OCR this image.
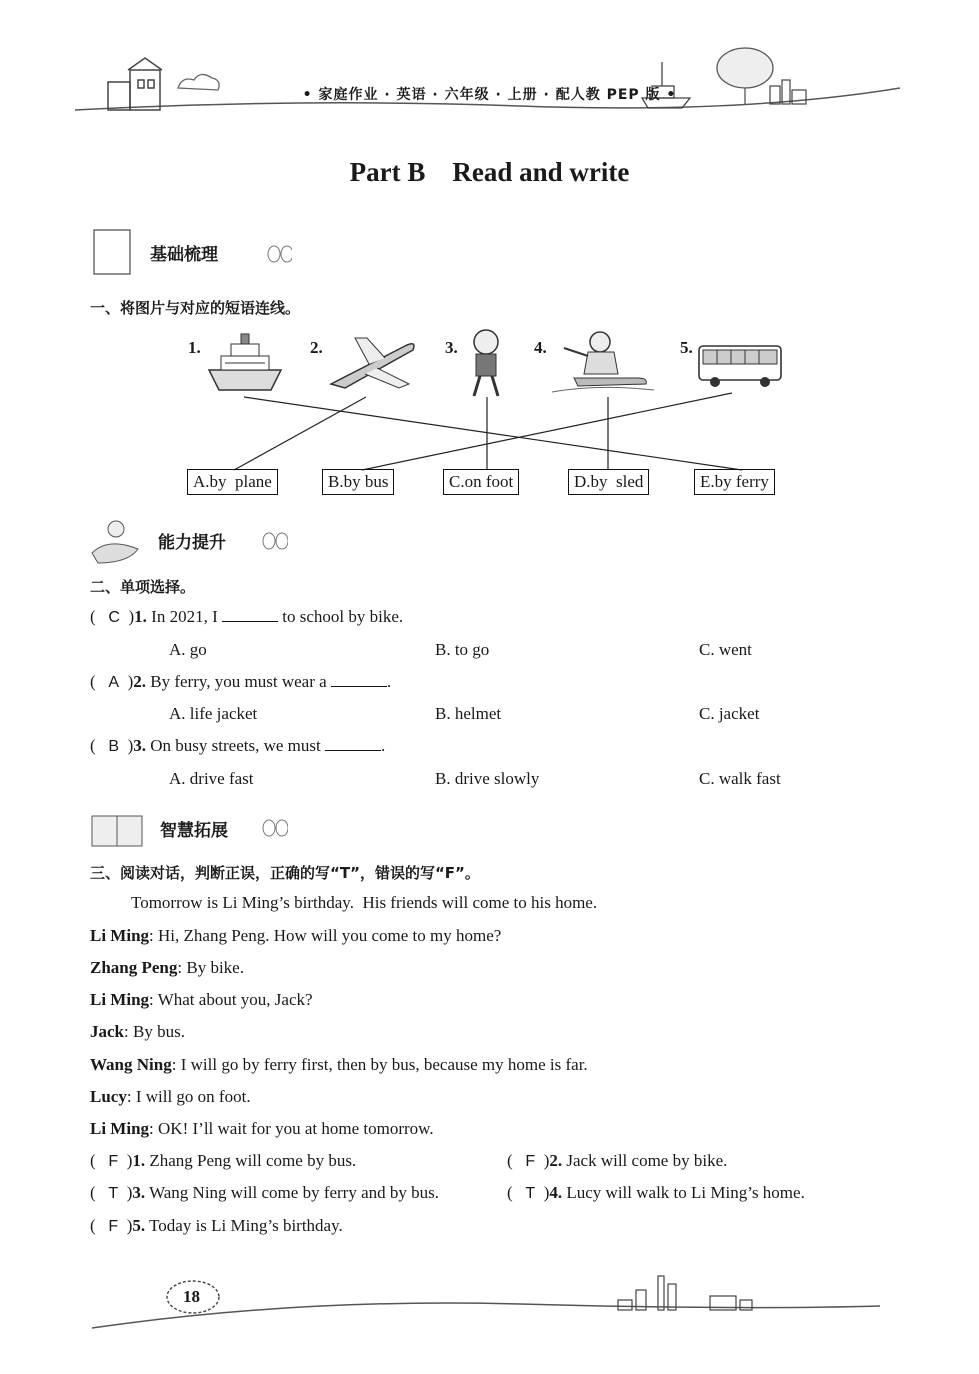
• 家庭作业 · 英语 · 六年级 · 上册 · 配人教 PEP 版 •
Part B    Read and write
基础梳理
一、将图片与对应的短语连线。
1.	2.	3.	4.	5.
A.by  plane	B.by bus	C.on foot	D.by  sled	E.by ferry
能力提升
二、单项选择。
(   C  )1. In 2021, I	to school by bike.
A. go	B. to go	C. went
(   A  )2. By ferry, you must wear a	.
A. life jacket	B. helmet	C. jacket
(   B  )3. On busy streets, we must	.
A. drive fast	B. drive slowly	C. walk fast
智慧拓展
三、阅读对话，判断正误，正确的写“T”，错误的写“F”。
Tomorrow is Li Ming’s birthday.  His friends will come to his home.
Li Ming: Hi, Zhang Peng. How will you come to my home?
Zhang Peng: By bike.
Li Ming: What about you, Jack?
Jack: By bus.
Wang Ning: I will go by ferry first, then by bus, because my home is far.
Lucy: I will go on foot.
Li Ming: OK! I’ll wait for you at home tomorrow.
(   F  )1. Zhang Peng will come by bus.	(   F  )2. Jack will come by bike.
(   T  )3. Wang Ning will come by ferry and by bus.	(   T  )4. Lucy will walk to Li Ming’s home.
(   F  )5. Today is Li Ming’s birthday.
18
